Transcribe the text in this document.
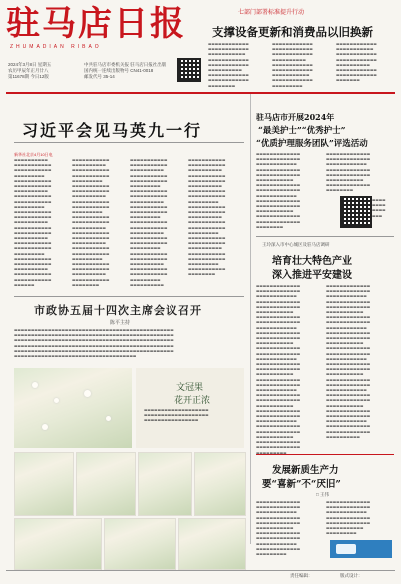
驻马店日报
ZHUMADIAN RIBAO
2024年3月8日 星期五
农历甲辰年正月廿八
第11678期 今日12版
中共驻马店市委机关报 驻马店日报社出版
国内统一连续出版物号 CN41-0018
邮发代号 35-14
七部门部署标准提升行动
支撑设备更新和消费品以旧换新
▬▬▬▬▬▬▬▬▬▬▬▬
▬▬▬▬▬▬▬▬▬▬▬▬
▬▬▬▬▬▬▬▬▬▬▬
▬▬▬▬▬▬▬▬▬▬▬▬
▬▬▬▬▬▬▬▬▬▬▬▬
▬▬▬▬▬▬▬▬▬▬
▬▬▬▬▬▬▬▬▬▬▬▬
▬▬▬▬▬▬▬▬▬▬▬▬
▬▬▬▬▬▬▬▬
▬▬▬▬▬▬▬▬▬▬▬▬
▬▬▬▬▬▬▬▬▬▬▬▬
▬▬▬▬▬▬▬▬▬▬▬▬
▬▬▬▬▬▬▬▬▬▬
▬▬▬▬▬▬▬▬▬▬▬▬
▬▬▬▬▬▬▬▬▬▬▬▬
▬▬▬▬▬▬▬▬▬▬▬
▬▬▬▬▬▬▬▬▬▬▬▬
▬▬▬▬▬▬▬▬▬
▬▬▬▬▬▬▬▬▬▬▬▬
▬▬▬▬▬▬▬▬▬▬▬
▬▬▬▬▬▬▬▬▬▬▬▬
▬▬▬▬▬▬▬▬▬▬▬▬
▬▬▬▬▬▬▬▬▬▬
▬▬▬▬▬▬▬▬▬▬▬▬
▬▬▬▬▬▬▬▬▬▬▬▬
▬▬▬▬▬▬▬
习近平会见马英九一行
新华社北京4月10日电
▬▬▬▬▬▬▬▬▬▬
▬▬▬▬▬▬▬▬▬▬▬
▬▬▬▬▬▬▬▬▬▬▬
▬▬▬▬▬▬▬▬▬
▬▬▬▬▬▬▬▬▬▬▬
▬▬▬▬▬▬▬▬▬▬▬
▬▬▬▬▬▬▬▬▬▬
▬▬▬▬▬▬▬▬▬▬▬
▬▬▬▬▬▬▬▬▬▬▬
▬▬▬▬▬▬▬▬▬
▬▬▬▬▬▬▬▬▬▬▬
▬▬▬▬▬▬▬▬▬▬▬
▬▬▬▬▬▬▬▬▬▬
▬▬▬▬▬▬▬▬▬▬▬
▬▬▬▬▬▬▬▬▬▬▬
▬▬▬▬▬▬▬▬▬▬
▬▬▬▬▬▬▬▬▬▬▬
▬▬▬▬▬▬▬▬▬▬▬
▬▬▬▬▬▬▬▬▬
▬▬▬▬▬▬▬▬▬▬▬
▬▬▬▬▬▬▬▬▬▬▬
▬▬▬▬▬▬▬▬▬▬
▬▬▬▬▬▬▬▬▬▬▬
▬▬▬▬▬▬▬▬▬▬▬
▬▬▬▬▬▬
▬▬▬▬▬▬▬▬▬▬▬
▬▬▬▬▬▬▬▬▬▬
▬▬▬▬▬▬▬▬▬▬▬
▬▬▬▬▬▬▬▬▬▬▬
▬▬▬▬▬▬▬▬▬
▬▬▬▬▬▬▬▬▬▬▬
▬▬▬▬▬▬▬▬▬▬▬
▬▬▬▬▬▬▬▬▬▬
▬▬▬▬▬▬▬▬▬▬▬
▬▬▬▬▬▬▬▬▬▬▬
▬▬▬▬▬▬▬▬▬
▬▬▬▬▬▬▬▬▬▬▬
▬▬▬▬▬▬▬▬▬▬▬
▬▬▬▬▬▬▬▬▬▬
▬▬▬▬▬▬▬▬▬▬▬
▬▬▬▬▬▬▬▬▬▬▬
▬▬▬▬▬▬▬▬▬▬
▬▬▬▬▬▬▬▬▬▬▬
▬▬▬▬▬▬▬▬▬▬▬
▬▬▬▬▬▬▬▬▬
▬▬▬▬▬▬▬▬▬▬▬
▬▬▬▬▬▬▬▬▬▬▬
▬▬▬▬▬▬▬▬▬▬
▬▬▬▬▬▬▬▬▬▬▬
▬▬▬▬▬▬▬▬
▬▬▬▬▬▬▬▬▬▬▬
▬▬▬▬▬▬▬▬▬▬▬
▬▬▬▬▬▬▬▬▬▬
▬▬▬▬▬▬▬▬▬▬▬
▬▬▬▬▬▬▬▬▬▬▬
▬▬▬▬▬▬▬▬▬
▬▬▬▬▬▬▬▬▬▬▬
▬▬▬▬▬▬▬▬▬▬▬
▬▬▬▬▬▬▬▬▬▬
▬▬▬▬▬▬▬▬▬▬▬
▬▬▬▬▬▬▬▬▬▬▬
▬▬▬▬▬▬▬▬▬
▬▬▬▬▬▬▬▬▬▬▬
▬▬▬▬▬▬▬▬▬▬▬
▬▬▬▬▬▬▬▬▬▬
▬▬▬▬▬▬▬▬▬▬▬
▬▬▬▬▬▬▬▬▬▬▬
▬▬▬▬▬▬▬▬▬
▬▬▬▬▬▬▬▬▬▬▬
▬▬▬▬▬▬▬▬▬▬▬
▬▬▬▬▬▬▬▬▬▬
▬▬▬▬▬▬▬▬▬▬▬
▬▬▬▬▬▬▬▬▬▬▬
▬▬▬▬▬▬▬▬▬
▬▬▬▬▬▬▬▬▬▬
▬▬▬▬▬▬▬▬▬▬▬
▬▬▬▬▬▬▬▬▬▬▬
▬▬▬▬▬▬▬▬▬▬
▬▬▬▬▬▬▬▬▬▬▬
▬▬▬▬▬▬▬▬▬▬▬
▬▬▬▬▬▬▬▬▬▬
▬▬▬▬▬▬▬▬▬▬▬
▬▬▬▬▬▬▬▬▬▬▬
▬▬▬▬▬▬▬▬▬
▬▬▬▬▬▬▬▬▬▬▬
▬▬▬▬▬▬▬▬▬▬▬
▬▬▬▬▬▬▬▬▬▬
▬▬▬▬▬▬▬▬▬▬▬
▬▬▬▬▬▬▬▬▬▬▬
▬▬▬▬▬▬▬▬▬
▬▬▬▬▬▬▬▬▬▬▬
▬▬▬▬▬▬▬▬▬▬▬
▬▬▬▬▬▬▬▬▬▬
▬▬▬▬▬▬▬▬▬▬▬
▬▬▬▬▬▬▬▬▬▬▬
▬▬▬▬▬▬▬▬▬
▬▬▬▬▬▬▬▬▬▬▬
▬▬▬▬▬▬▬▬
市政协五届十四次主席会议召开
陈平主持
▬▬▬▬▬▬▬▬▬▬▬▬▬▬▬▬▬▬▬▬▬▬▬▬▬▬▬▬▬▬▬▬▬▬▬▬▬▬▬▬▬▬▬▬▬▬▬
▬▬▬▬▬▬▬▬▬▬▬▬▬▬▬▬▬▬▬▬▬▬▬▬▬▬▬▬▬▬▬▬▬▬▬▬▬▬▬▬▬▬▬▬▬▬▬
▬▬▬▬▬▬▬▬▬▬▬▬▬▬▬▬▬▬▬▬▬▬▬▬▬▬▬▬▬▬▬▬▬▬▬▬▬▬▬▬▬▬▬▬▬▬▬
▬▬▬▬▬▬▬▬▬▬▬▬▬▬▬▬▬▬▬▬▬▬▬▬▬▬▬▬▬▬▬▬▬▬▬▬▬▬▬▬▬▬▬▬▬▬▬
▬▬▬▬▬▬▬▬▬▬▬▬▬▬▬▬▬▬▬▬▬▬▬▬▬▬▬▬▬▬▬▬▬▬▬▬▬▬▬▬▬▬▬▬▬▬▬
▬▬▬▬▬▬▬▬▬▬▬▬▬▬▬▬▬▬▬▬▬▬▬▬▬▬▬▬▬▬▬▬▬▬▬▬
文冠果
花开正浓
▬▬▬▬▬▬▬▬▬▬▬▬▬▬▬▬▬▬▬
▬▬▬▬▬▬▬▬▬▬▬▬▬▬▬▬▬▬▬
▬▬▬▬▬▬▬▬▬▬▬▬▬▬▬▬
驻马店市开展2024年
“最美护士”“优秀护士”
“优质护理服务团队”评选活动
▬▬▬▬▬▬▬▬▬▬▬▬▬
▬▬▬▬▬▬▬▬▬▬▬▬▬
▬▬▬▬▬▬▬▬▬▬▬▬
▬▬▬▬▬▬▬▬▬▬▬▬▬
▬▬▬▬▬▬▬▬▬▬▬▬▬
▬▬▬▬▬▬▬▬▬▬▬
▬▬▬▬▬▬▬▬▬▬▬▬▬
▬▬▬▬▬▬▬▬▬▬▬▬▬
▬▬▬▬▬▬▬▬▬▬▬▬
▬▬▬▬▬▬▬▬▬▬▬▬▬
▬▬▬▬▬▬▬▬▬▬▬▬▬
▬▬▬▬▬▬▬▬▬▬▬
▬▬▬▬▬▬▬▬▬▬▬▬▬
▬▬▬▬▬▬▬▬▬▬▬▬▬
▬▬▬▬▬▬▬▬
▬▬▬▬▬▬▬▬▬▬▬▬▬
▬▬▬▬▬▬▬▬▬▬▬▬▬
▬▬▬▬▬▬▬▬▬▬▬▬
▬▬▬▬▬▬▬▬▬▬▬▬▬
▬▬▬▬▬▬▬▬▬▬▬▬▬
▬▬▬▬▬▬▬▬▬▬▬
▬▬▬▬▬▬▬▬▬▬▬▬▬
▬▬▬▬▬▬▬▬
▬▬▬▬
▬▬▬▬
▬▬▬▬
▬▬▬
王玲深入市中心城区及驻马店调研
培育壮大特色产业
深入推进平安建设
▬▬▬▬▬▬▬▬▬▬▬▬▬
▬▬▬▬▬▬▬▬▬▬▬▬▬
▬▬▬▬▬▬▬▬▬▬▬▬
▬▬▬▬▬▬▬▬▬▬▬▬▬
▬▬▬▬▬▬▬▬▬▬▬▬▬
▬▬▬▬▬▬▬▬▬▬▬
▬▬▬▬▬▬▬▬▬▬▬▬▬
▬▬▬▬▬▬▬▬▬▬▬▬▬
▬▬▬▬▬▬▬▬▬▬▬▬
▬▬▬▬▬▬▬▬▬▬▬▬▬
▬▬▬▬▬▬▬▬▬▬▬▬▬
▬▬▬▬▬▬▬▬▬▬▬
▬▬▬▬▬▬▬▬▬▬▬▬▬
▬▬▬▬▬▬▬▬▬▬▬▬▬
▬▬▬▬▬▬▬▬▬▬▬▬
▬▬▬▬▬▬▬▬▬▬▬▬▬
▬▬▬▬▬▬▬▬▬▬▬▬▬
▬▬▬▬▬▬▬▬▬▬▬
▬▬▬▬▬▬▬▬▬▬▬▬▬
▬▬▬▬▬▬▬▬▬▬▬▬▬
▬▬▬▬▬▬▬▬▬▬▬▬
▬▬▬▬▬▬▬▬▬▬▬▬▬
▬▬▬▬▬▬▬▬▬▬▬▬▬
▬▬▬▬▬▬▬▬▬▬▬
▬▬▬▬▬▬▬▬▬▬▬▬▬
▬▬▬▬▬▬▬▬▬▬▬▬▬
▬▬▬▬▬▬▬▬▬▬▬▬
▬▬▬▬▬▬▬▬▬▬▬▬▬
▬▬▬▬▬▬▬▬▬▬▬▬▬
▬▬▬▬▬▬▬▬▬▬▬
▬▬▬▬▬▬▬▬▬▬▬▬▬
▬▬▬▬▬▬▬▬▬▬▬▬▬
▬▬▬▬▬▬▬▬▬
▬▬▬▬▬▬▬▬▬▬▬▬▬
▬▬▬▬▬▬▬▬▬▬▬▬▬
▬▬▬▬▬▬▬▬▬▬▬▬
▬▬▬▬▬▬▬▬▬▬▬▬▬
▬▬▬▬▬▬▬▬▬▬▬▬▬
▬▬▬▬▬▬▬▬▬▬▬
▬▬▬▬▬▬▬▬▬▬▬▬▬
▬▬▬▬▬▬▬▬▬▬▬▬▬
▬▬▬▬▬▬▬▬▬▬▬▬
▬▬▬▬▬▬▬▬▬▬▬▬▬
▬▬▬▬▬▬▬▬▬▬▬▬▬
▬▬▬▬▬▬▬▬▬▬▬
▬▬▬▬▬▬▬▬▬▬▬▬▬
▬▬▬▬▬▬▬▬▬▬▬▬▬
▬▬▬▬▬▬▬▬▬▬▬▬
▬▬▬▬▬▬▬▬▬▬▬▬▬
▬▬▬▬▬▬▬▬▬▬▬▬▬
▬▬▬▬▬▬▬▬▬▬▬
▬▬▬▬▬▬▬▬▬▬▬▬▬
▬▬▬▬▬▬▬▬▬▬▬▬▬
▬▬▬▬▬▬▬▬▬▬▬▬
▬▬▬▬▬▬▬▬▬▬▬▬▬
▬▬▬▬▬▬▬▬▬▬▬▬▬
▬▬▬▬▬▬▬▬▬▬▬
▬▬▬▬▬▬▬▬▬▬▬▬▬
▬▬▬▬▬▬▬▬▬▬▬▬▬
▬▬▬▬▬▬▬▬▬▬▬▬
▬▬▬▬▬▬▬▬▬▬▬▬▬
▬▬▬▬▬▬▬▬▬▬▬▬▬
▬▬▬▬▬▬▬▬▬▬
发展新质生产力
要“喜新”不“厌旧”
□ 王伟
▬▬▬▬▬▬▬▬▬▬▬▬▬
▬▬▬▬▬▬▬▬▬▬▬▬▬
▬▬▬▬▬▬▬▬▬▬▬▬
▬▬▬▬▬▬▬▬▬▬▬▬▬
▬▬▬▬▬▬▬▬▬▬▬▬▬
▬▬▬▬▬▬▬▬▬▬▬
▬▬▬▬▬▬▬▬▬▬▬▬▬
▬▬▬▬▬▬▬▬▬▬▬▬▬
▬▬▬▬▬▬▬▬▬▬▬▬
▬▬▬▬▬▬▬▬▬▬▬▬▬
▬▬▬▬▬▬▬▬▬
▬▬▬▬▬▬▬▬▬▬▬▬▬
▬▬▬▬▬▬▬▬▬▬▬▬▬
▬▬▬▬▬▬▬▬▬▬▬▬
▬▬▬▬▬▬▬▬▬▬▬▬▬
▬▬▬▬▬▬▬▬▬▬▬▬▬
▬▬▬▬▬▬▬▬▬▬▬
▬▬▬▬▬▬▬▬▬
责任编辑：	版式设计：
